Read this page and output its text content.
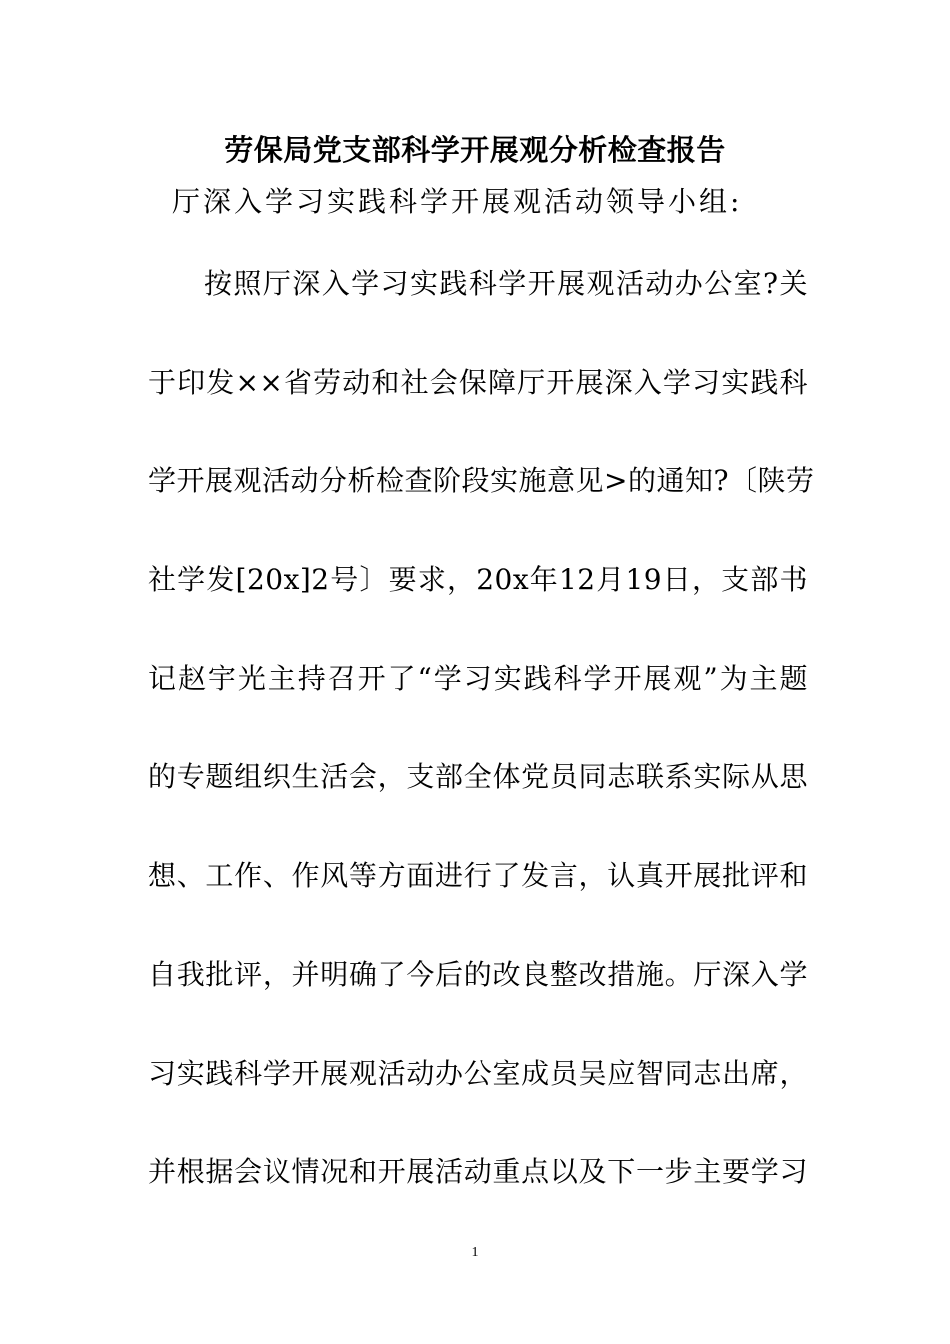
劳保局党支部科学开展观分析检查报告
厅深入学习实践科学开展观活动领导小组:
按照厅深入学习实践科学开展观活动办公室?关
于印发××省劳动和社会保障厅开展深入学习实践科
学开展观活动分析检查阶段实施意见>的通知?〔陕劳
社学发[20x]2号〕要求，20x年12月19日，支部书
记赵宇光主持召开了“学习实践科学开展观”为主题
的专题组织生活会，支部全体党员同志联系实际从思
想、工作、作风等方面进行了发言，认真开展批评和
自我批评，并明确了今后的改良整改措施。厅深入学
习实践科学开展观活动办公室成员吴应智同志出席，
并根据会议情况和开展活动重点以及下一步主要学习
1
